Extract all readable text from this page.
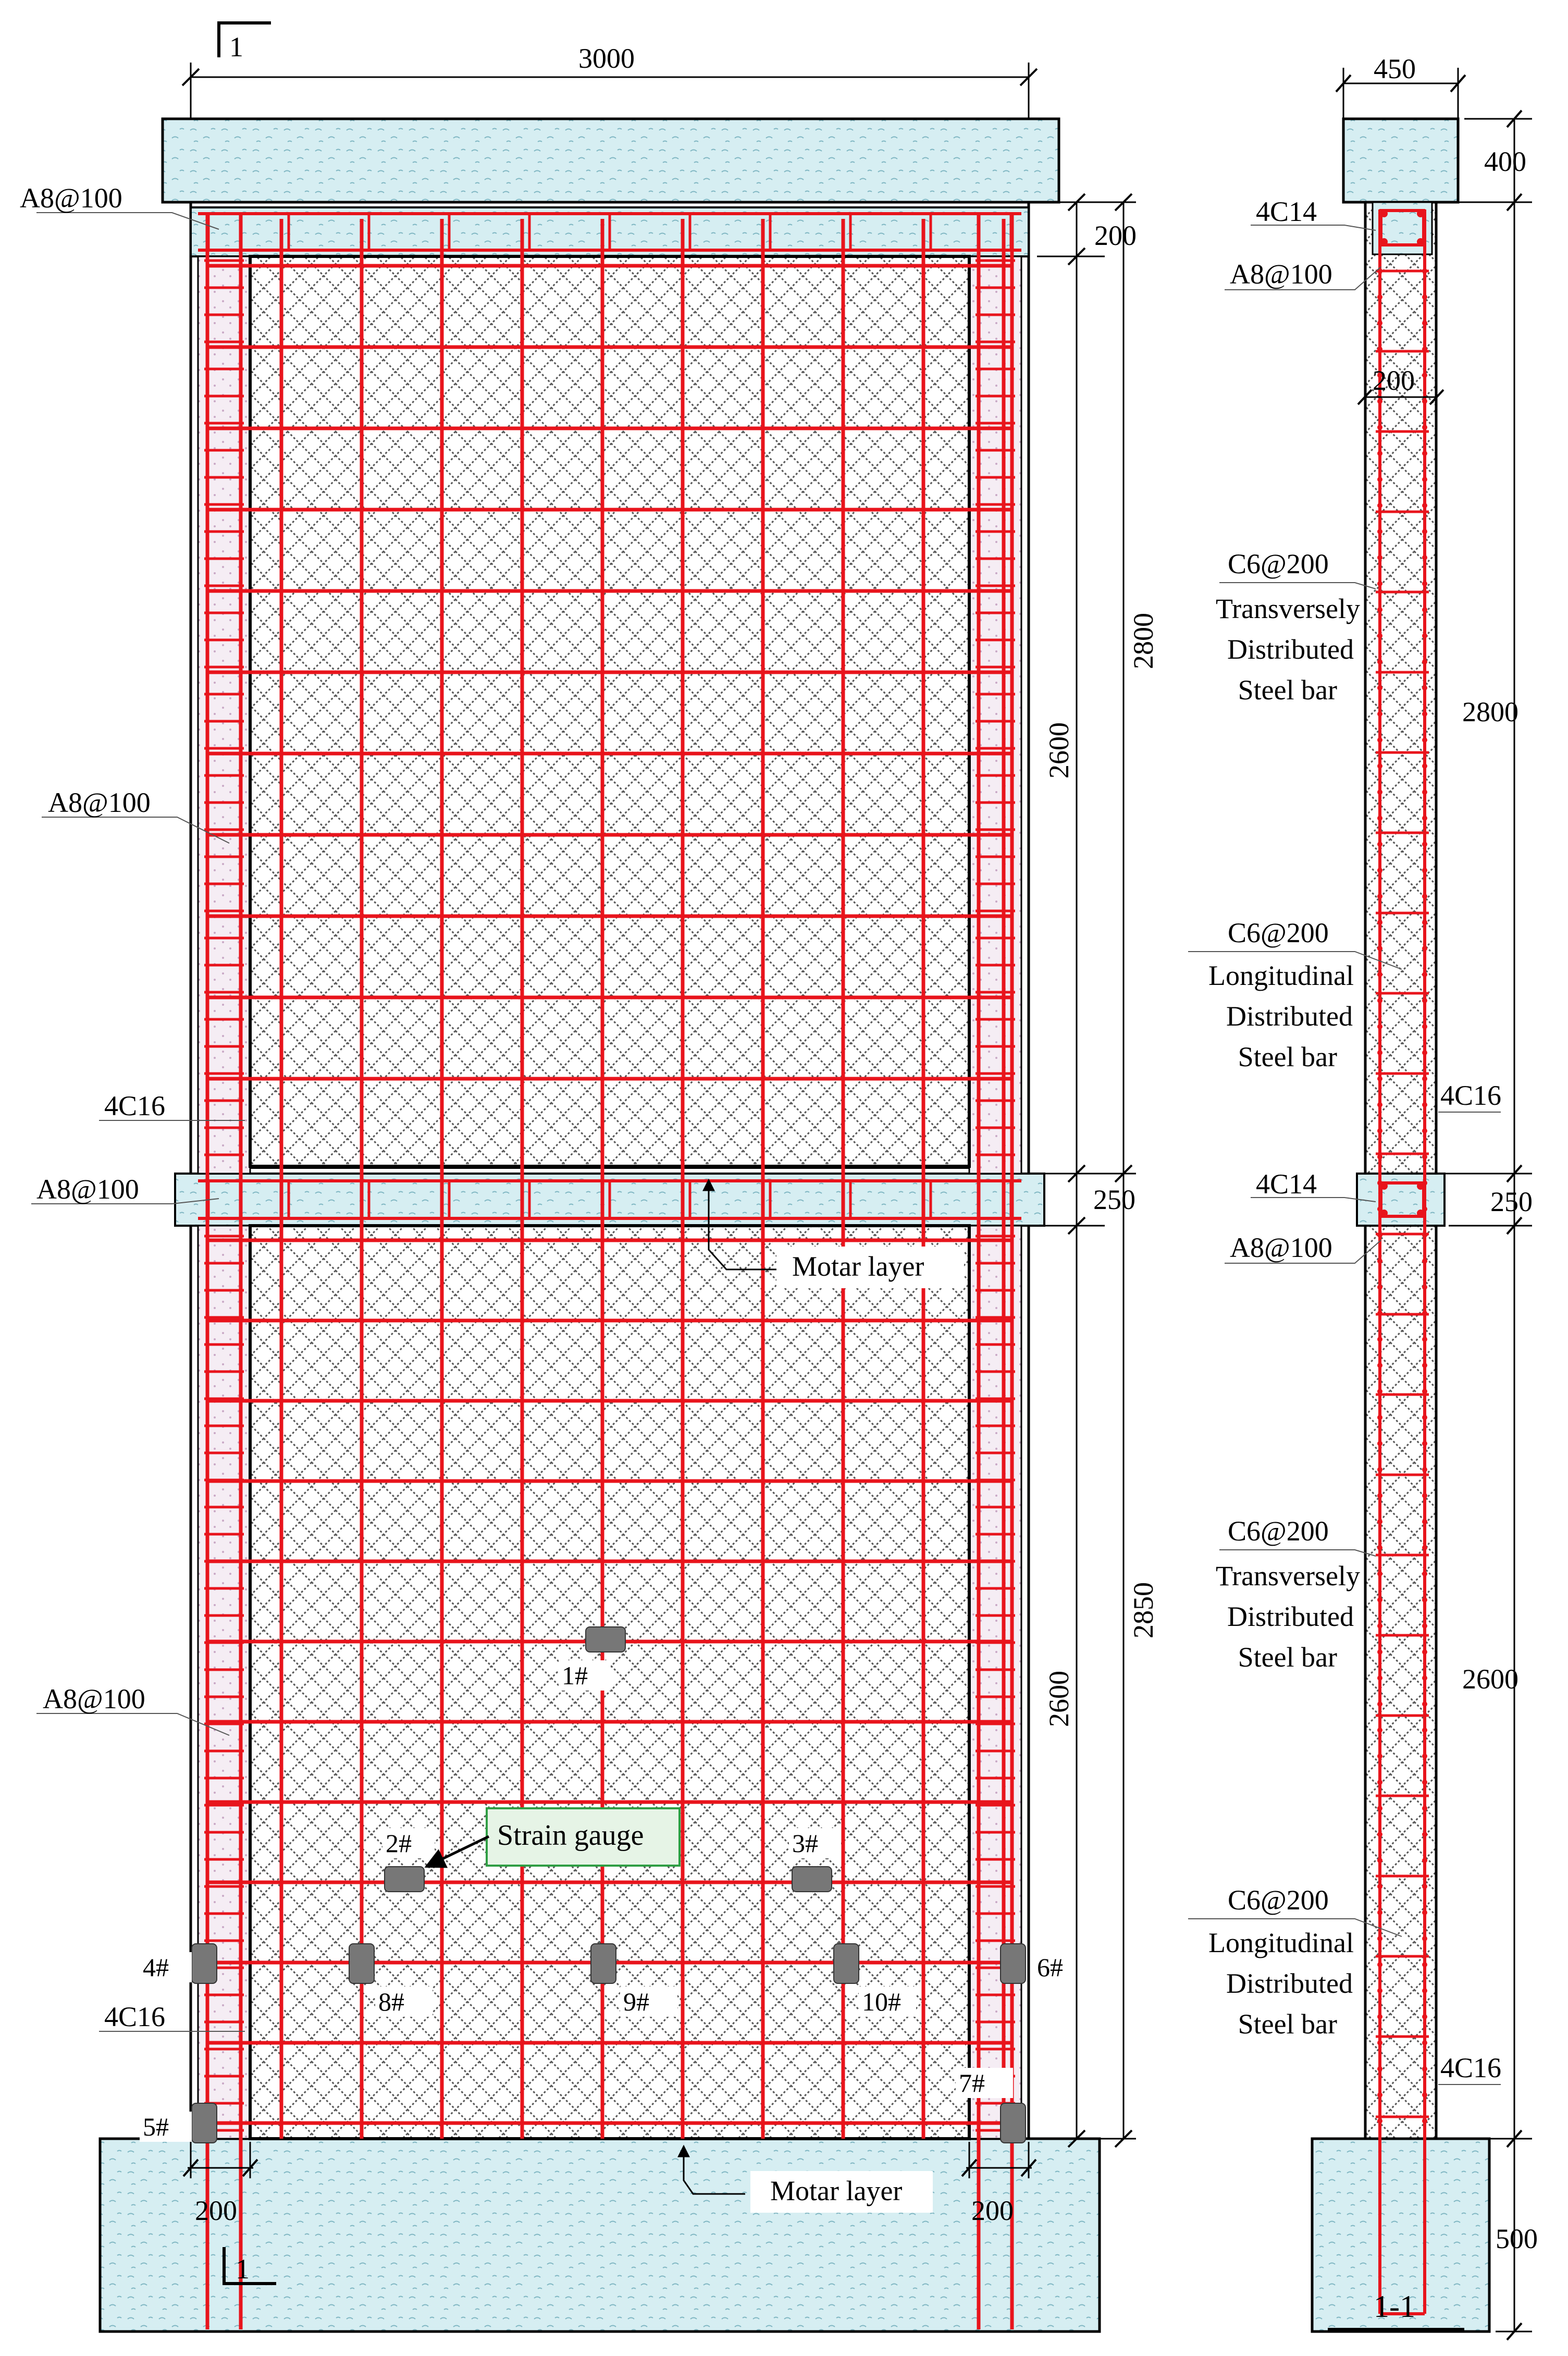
1#
2#	3#
4#
5#
6#
7#
8#	9#	10#
1
1
3000
200
2600
2800
250
2600
2850
200	200
A8@100
A8@100
4C16
A8@100
A8@100
4C16
Motar layer
Motar layer
Strain gauge
450
400
200
2800
250
2600
500
4C14
A8@100
C6@200
Transversely
Distributed
Steel bar
C6@200
Longitudinal
Distributed
Steel bar
4C16
4C14
A8@100
C6@200
Transversely
Distributed
Steel bar
C6@200
Longitudinal
Distributed
Steel bar
4C16
1-1
